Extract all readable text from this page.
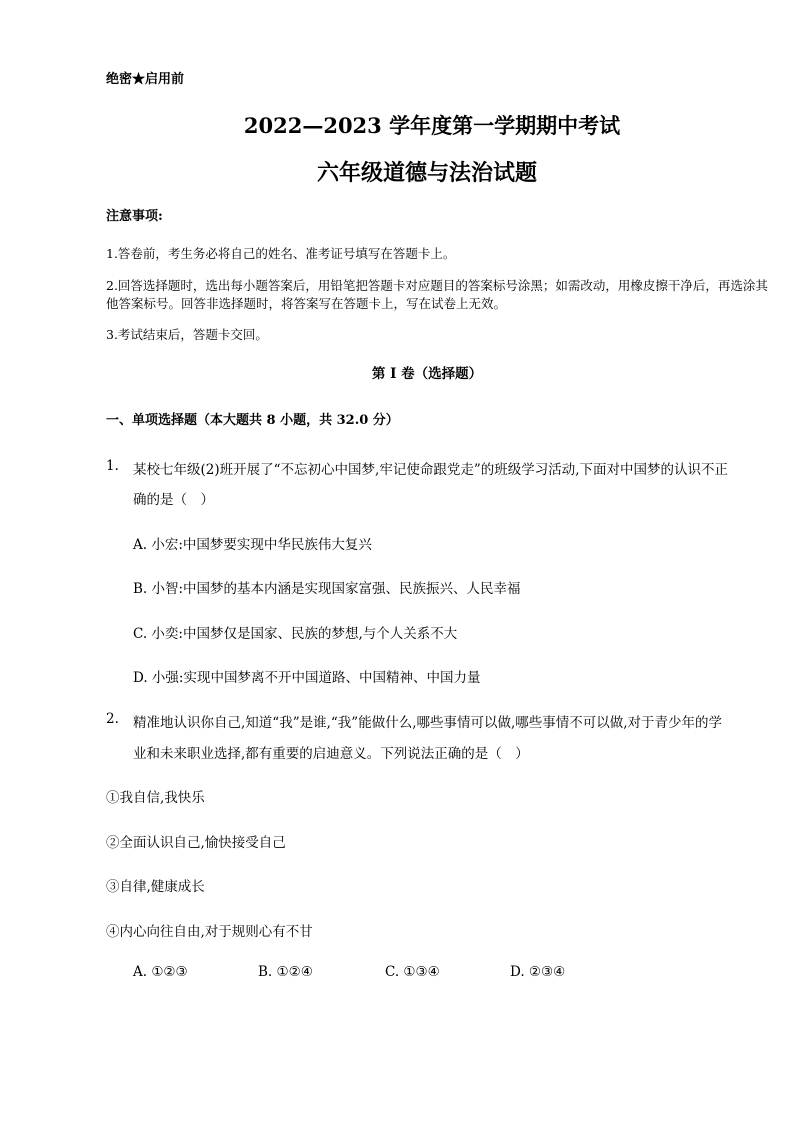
绝密★启用前
2022—2023 学年度第一学期期中考试
六年级道德与法治试题
注意事项:
1.答卷前，考生务必将自己的姓名、准考证号填写在答题卡上。
2.回答选择题时，选出每小题答案后，用铅笔把答题卡对应题目的答案标号涂黑；如需改动，用橡皮擦干净后，再选涂其他答案标号。回答非选择题时，将答案写在答题卡上，写在试卷上无效。
3.考试结束后，答题卡交回。
第 I 卷（选择题）
一、单项选择题（本大题共 8 小题，共 32.0 分）
1. 某校七年级(2)班开展了“不忘初心中国梦,牢记使命跟党走”的班级学习活动,下面对中国梦的认识不正
确的是（　）
A. 小宏:中国梦要实现中华民族伟大复兴
B. 小智:中国梦的基本内涵是实现国家富强、民族振兴、人民幸福
C. 小奕:中国梦仅是国家、民族的梦想,与个人关系不大
D. 小强:实现中国梦离不开中国道路、中国精神、中国力量
2. 精准地认识你自己,知道“我”是谁,“我”能做什么,哪些事情可以做,哪些事情不可以做,对于青少年的学
业和未来职业选择,都有重要的启迪意义。下列说法正确的是（　）
①我自信,我快乐
②全面认识自己,愉快接受自己
③自律,健康成长
④内心向往自由,对于规则心有不甘
A. ①②③	B. ①②④	C. ①③④	D. ②③④
